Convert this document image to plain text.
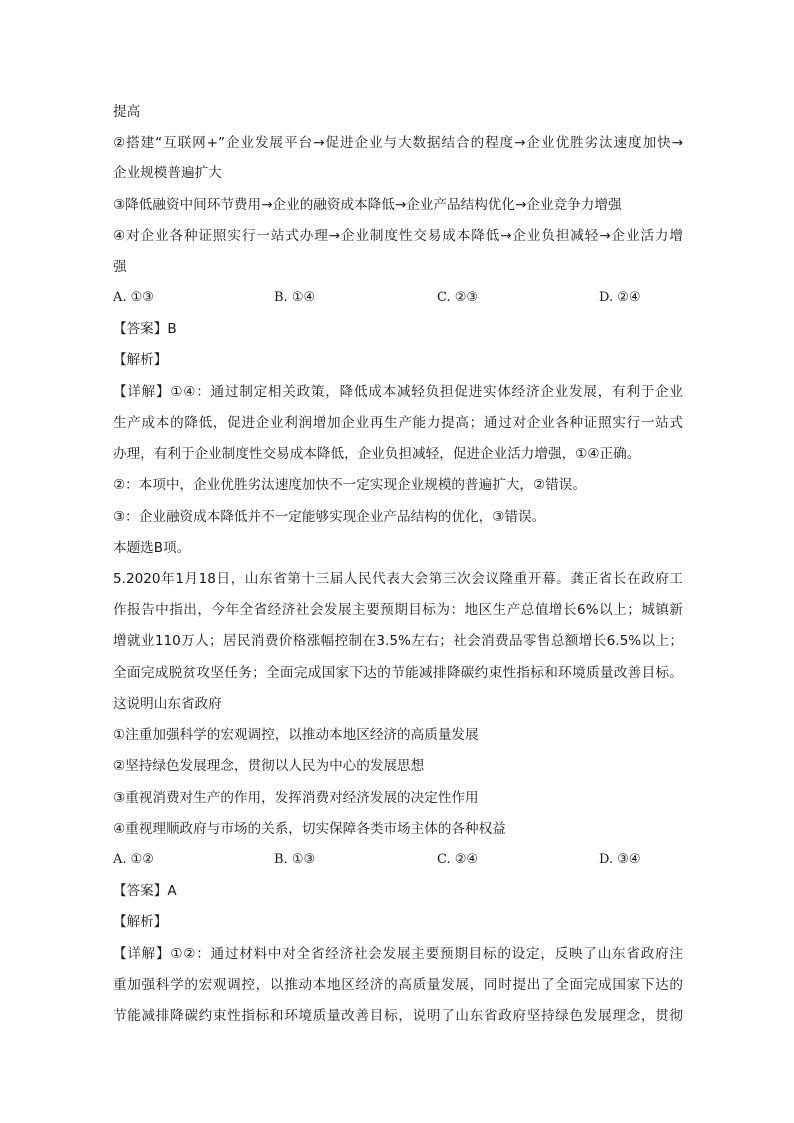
提高
②搭建“互联网+”企业发展平台→促进企业与大数据结合的程度→企业优胜劣汰速度加快→
企业规模普遍扩大
③降低融资中间环节费用→企业的融资成本降低→企业产品结构优化→企业竞争力增强
④对企业各种证照实行一站式办理→企业制度性交易成本降低→企业负担减轻→企业活力增
强
A. ①③	B. ①④	C. ②③	D. ②④
【答案】B
【解析】
【详解】①④：通过制定相关政策，降低成本减轻负担促进实体经济企业发展，有利于企业
生产成本的降低，促进企业利润增加企业再生产能力提高；通过对企业各种证照实行一站式
办理，有利于企业制度性交易成本降低，企业负担减轻，促进企业活力增强，①④正确。
②：本项中，企业优胜劣汰速度加快不一定实现企业规模的普遍扩大，②错误。
③：企业融资成本降低并不一定能够实现企业产品结构的优化，③错误。
本题选B项。
5.2020年1月18日，山东省第十三届人民代表大会第三次会议隆重开幕。龚正省长在政府工
作报告中指出，今年全省经济社会发展主要预期目标为：地区生产总值增长6%以上；城镇新
增就业110万人；居民消费价格涨幅控制在3.5%左右；社会消费品零售总额增长6.5%以上；
全面完成脱贫攻坚任务；全面完成国家下达的节能减排降碳约束性指标和环境质量改善目标。
这说明山东省政府
①注重加强科学的宏观调控，以推动本地区经济的高质量发展
②坚持绿色发展理念，贯彻以人民为中心的发展思想
③重视消费对生产的作用，发挥消费对经济发展的决定性作用
④重视理顺政府与市场的关系，切实保障各类市场主体的各种权益
A. ①②	B. ①③	C. ②④	D. ③④
【答案】A
【解析】
【详解】①②：通过材料中对全省经济社会发展主要预期目标的设定，反映了山东省政府注
重加强科学的宏观调控，以推动本地区经济的高质量发展，同时提出了全面完成国家下达的
节能减排降碳约束性指标和环境质量改善目标，说明了山东省政府坚持绿色发展理念，贯彻
